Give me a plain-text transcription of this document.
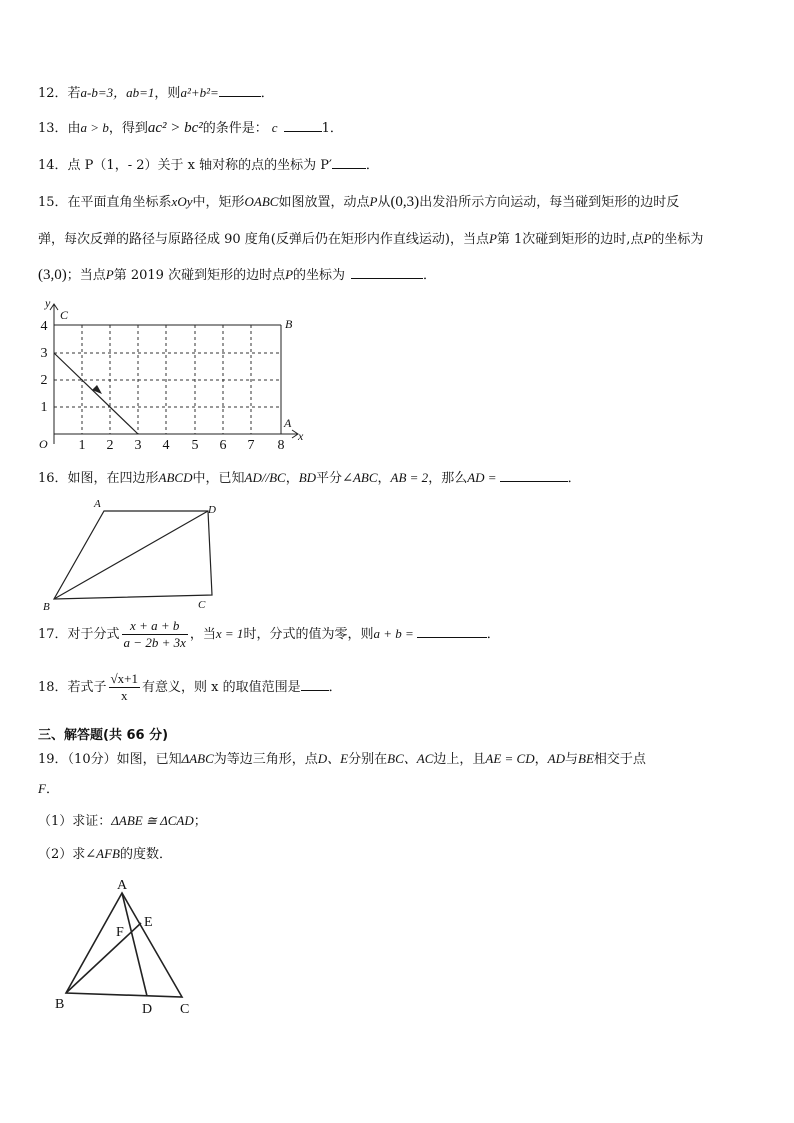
12．若a-b=3，ab=1，则a²+b²=	．
13．由a > b，得到ac² > bc²的条件是： c	1．
14．点 P（1，- 2）关于 x 轴对称的点的坐标为 P′	．
15．在平面直角坐标系xOy中，矩形OABC如图放置，动点P从(0,3)出发沿所示方向运动，每当碰到矩形的边时反
弹，每次反弹的路径与原路径成 90 度角(反弹后仍在矩形内作直线运动)，当点P第 1次碰到矩形的边时,点P的坐标为
(3,0)；当点P第 2019 次碰到矩形的边时点P的坐标为	．
1 2 3 4 5 6 7 8
1
2
3
4
O
x
y
A
B
C
16．如图，在四边形ABCD中，已知AD//BC，BD平分∠ABC，AB = 2，那么AD =	．
A
B	C
D
17．对于分式 $\frac{x + a + b}{a - 2b + 3x}$ ，当x = 1时，分式的值为零，则a + b =	．
18．若式子 $\frac{√x+1}{x}$ 有意义，则 x 的取值范围是 ．
三、解答题(共 66 分)
19．（10分）如图，已知ΔABC为等边三角形，点D、E分别在BC、AC边上，且AE = CD，AD与BE相交于点
F．
（1）求证：ΔABE ≅ ΔCAD；
（2）求∠AFB的度数．
A
B	C
D
E
F
